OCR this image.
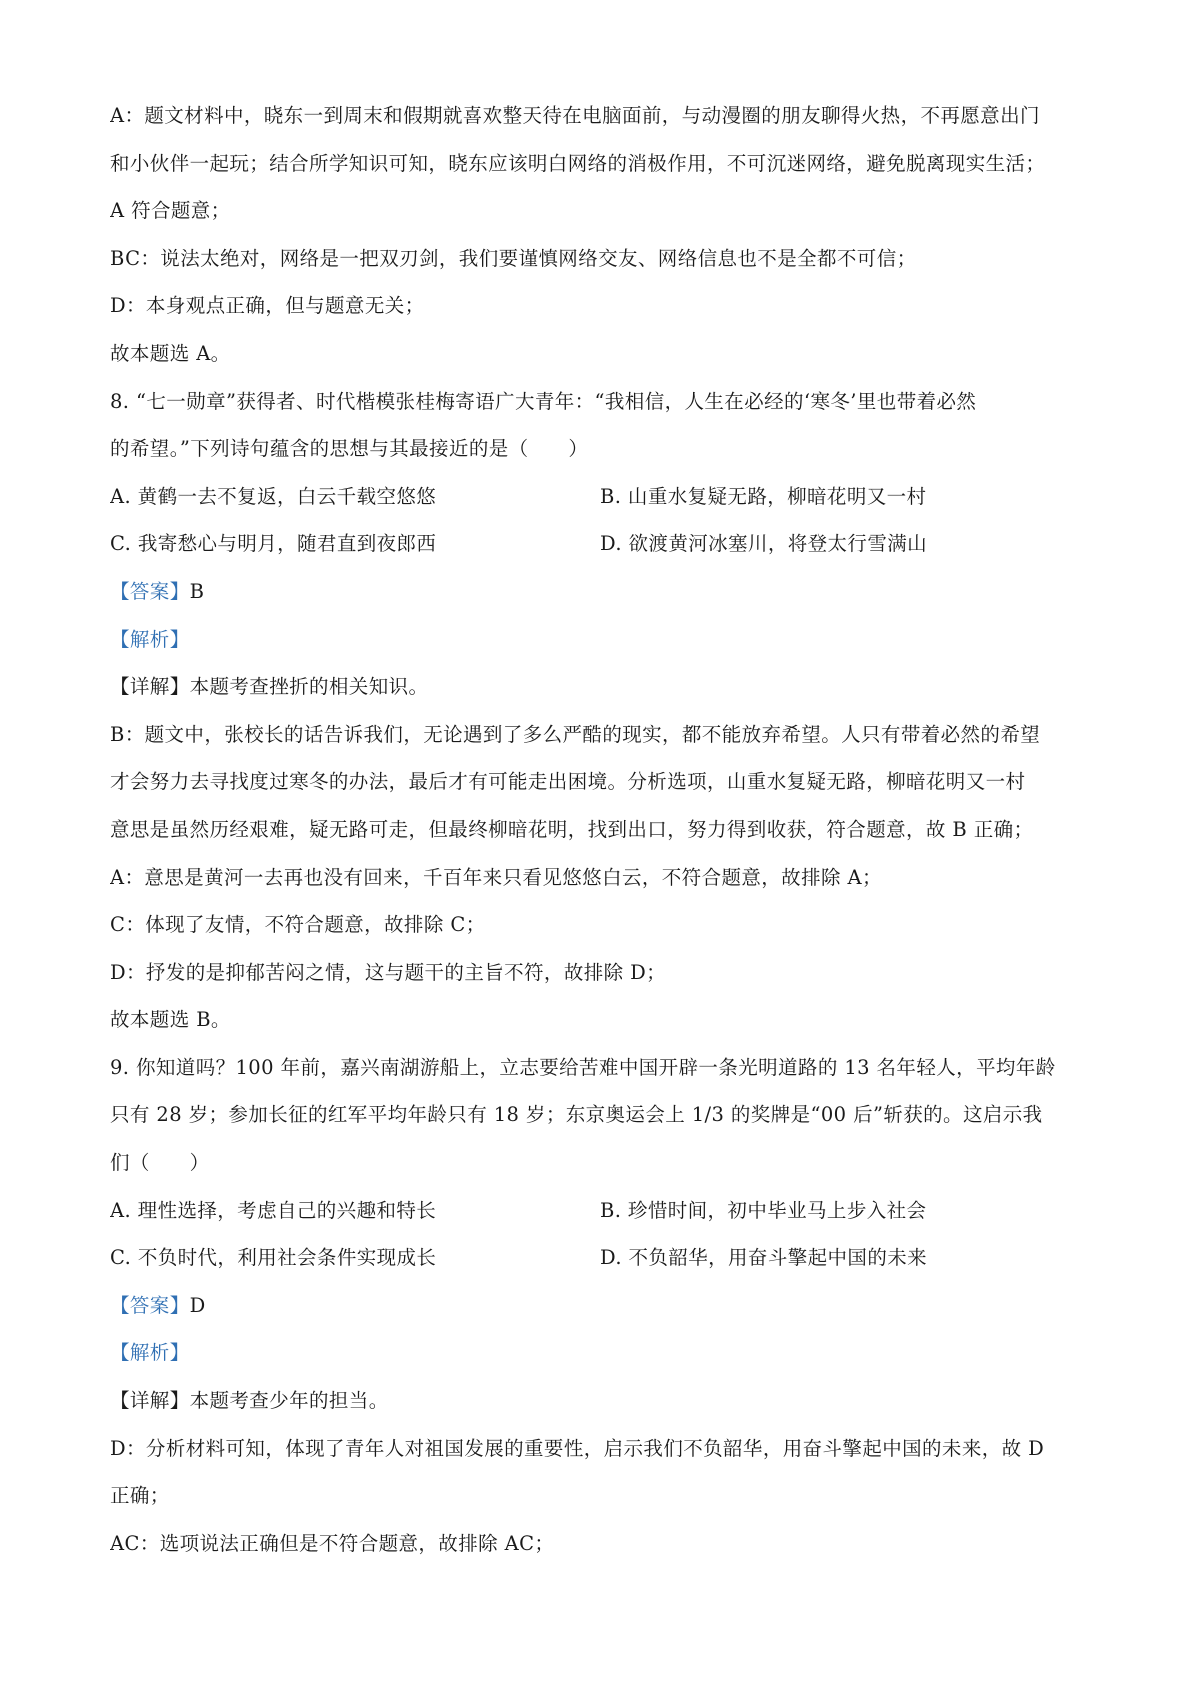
A：题文材料中，晓东一到周末和假期就喜欢整天待在电脑面前，与动漫圈的朋友聊得火热，不再愿意出门
和小伙伴一起玩；结合所学知识可知，晓东应该明白网络的消极作用，不可沉迷网络，避免脱离现实生活；
A 符合题意；
BC：说法太绝对，网络是一把双刃剑，我们要谨慎网络交友、网络信息也不是全都不可信；
D：本身观点正确，但与题意无关；
故本题选 A。
8. “七一勋章”获得者、时代楷模张桂梅寄语广大青年：“我相信，人生在必经的‘寒冬’里也带着必然
的希望。”下列诗句蕴含的思想与其最接近的是（　　）
A. 黄鹤一去不复返，白云千载空悠悠	B. 山重水复疑无路，柳暗花明又一村
C. 我寄愁心与明月，随君直到夜郎西	D. 欲渡黄河冰塞川，将登太行雪满山
【答案】B
【解析】
【详解】本题考查挫折的相关知识。
B：题文中，张校长的话告诉我们，无论遇到了多么严酷的现实，都不能放弃希望。人只有带着必然的希望
才会努力去寻找度过寒冬的办法，最后才有可能走出困境。分析选项，山重水复疑无路，柳暗花明又一村
意思是虽然历经艰难，疑无路可走，但最终柳暗花明，找到出口，努力得到收获，符合题意，故 B 正确；
A：意思是黄河一去再也没有回来，千百年来只看见悠悠白云，不符合题意，故排除 A；
C：体现了友情，不符合题意，故排除 C；
D：抒发的是抑郁苦闷之情，这与题干的主旨不符，故排除 D；
故本题选 B。
9. 你知道吗？100 年前，嘉兴南湖游船上，立志要给苦难中国开辟一条光明道路的 13 名年轻人，平均年龄
只有 28 岁；参加长征的红军平均年龄只有 18 岁；东京奥运会上 1/3 的奖牌是“00 后”斩获的。这启示我
们（　　）
A. 理性选择，考虑自己的兴趣和特长	B. 珍惜时间，初中毕业马上步入社会
C. 不负时代，利用社会条件实现成长	D. 不负韶华，用奋斗擎起中国的未来
【答案】D
【解析】
【详解】本题考查少年的担当。
D：分析材料可知，体现了青年人对祖国发展的重要性，启示我们不负韶华，用奋斗擎起中国的未来，故 D
正确；
AC：选项说法正确但是不符合题意，故排除 AC；
